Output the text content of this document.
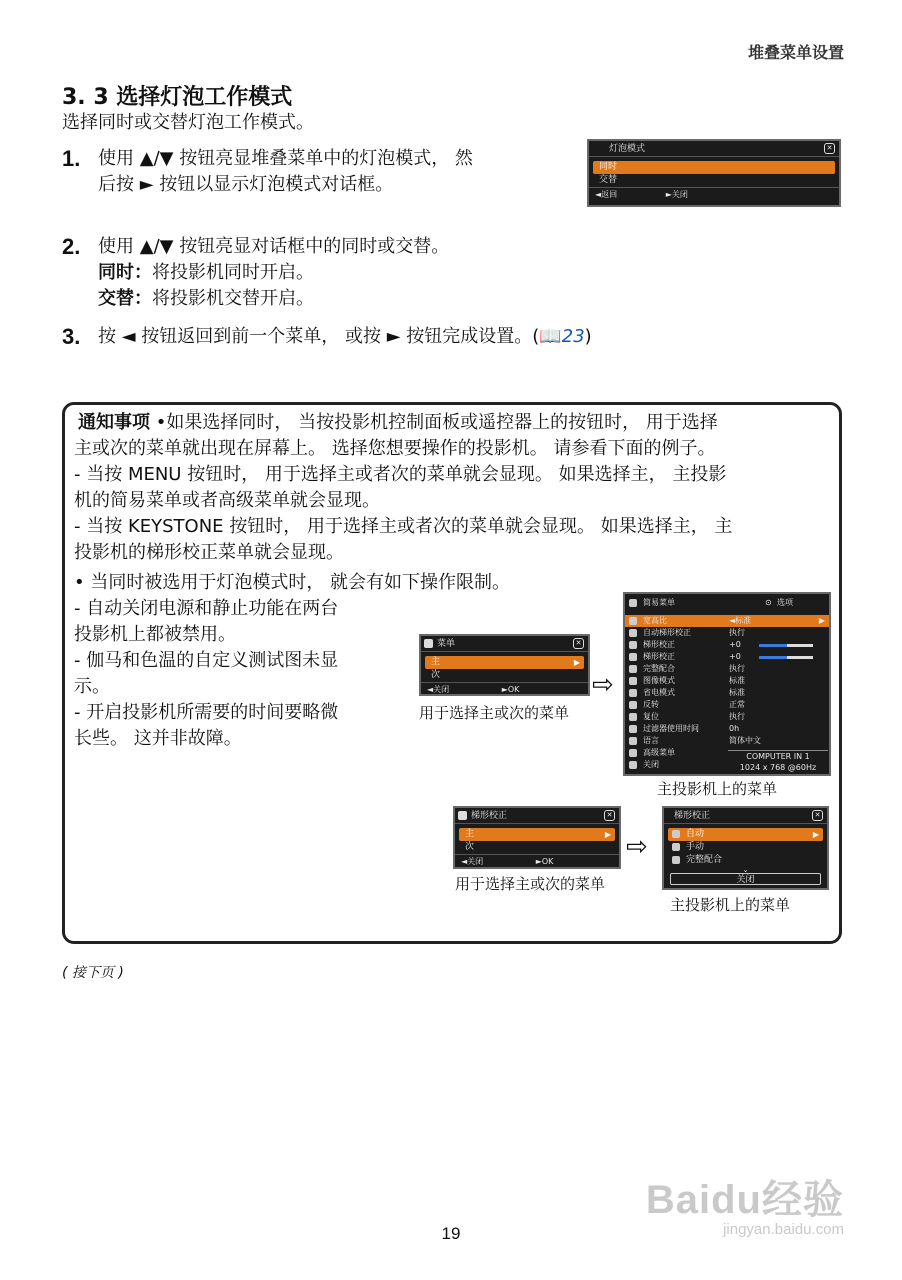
堆叠菜单设置
3. 3 选择灯泡工作模式
选择同时或交替灯泡工作模式。
1. 使用 ▲/▼ 按钮亮显堆叠菜单中的灯泡模式， 然
后按 ► 按钮以显示灯泡模式对话框。
灯泡模式	✕
同时
交替
◄返回	►关闭
2. 使用 ▲/▼ 按钮亮显对话框中的同时或交替。
同时：将投影机同时开启。
交替：将投影机交替开启。
3. 按 ◄ 按钮返回到前一个菜单， 或按 ► 按钮完成设置。(📖23)
通知事项 •如果选择同时， 当按投影机控制面板或遥控器上的按钮时， 用于选择
主或次的菜单就出现在屏幕上。 选择您想要操作的投影机。 请参看下面的例子。
- 当按 MENU 按钮时， 用于选择主或者次的菜单就会显现。 如果选择主， 主投影
机的简易菜单或者高级菜单就会显现。
- 当按 KEYSTONE 按钮时， 用于选择主或者次的菜单就会显现。 如果选择主， 主
投影机的梯形校正菜单就会显现。
• 当同时被选用于灯泡模式时， 就会有如下操作限制。
- 自动关闭电源和静止功能在两台
投影机上都被禁用。
- 伽马和色温的自定义测试图未显
示。
- 开启投影机所需要的时间要略微
长些。 这并非故障。
菜单	✕
主	▶
次
◄关闭	►OK
用于选择主或次的菜单
⇨
简易菜单	⊙ 选项
宽高比	◄标准	▶
自动梯形校正	执行
梯形校正	+0
梯形校正	+0
完整配合	执行
图像模式	标准
省电模式	标准
反转	正常
复位	执行
过滤器使用时间	0h
语言	简体中文
高级菜单
关闭
COMPUTER IN 1
1024 x 768 @60Hz
主投影机上的菜单
梯形校正	✕
主	▶
次
◄关闭	►OK
用于选择主或次的菜单
⇨
梯形校正	✕
自动	▶
手动
完整配合
⌄
关闭
主投影机上的菜单
( 接下页 )
19
Baidu经验
jingyan.baidu.com
